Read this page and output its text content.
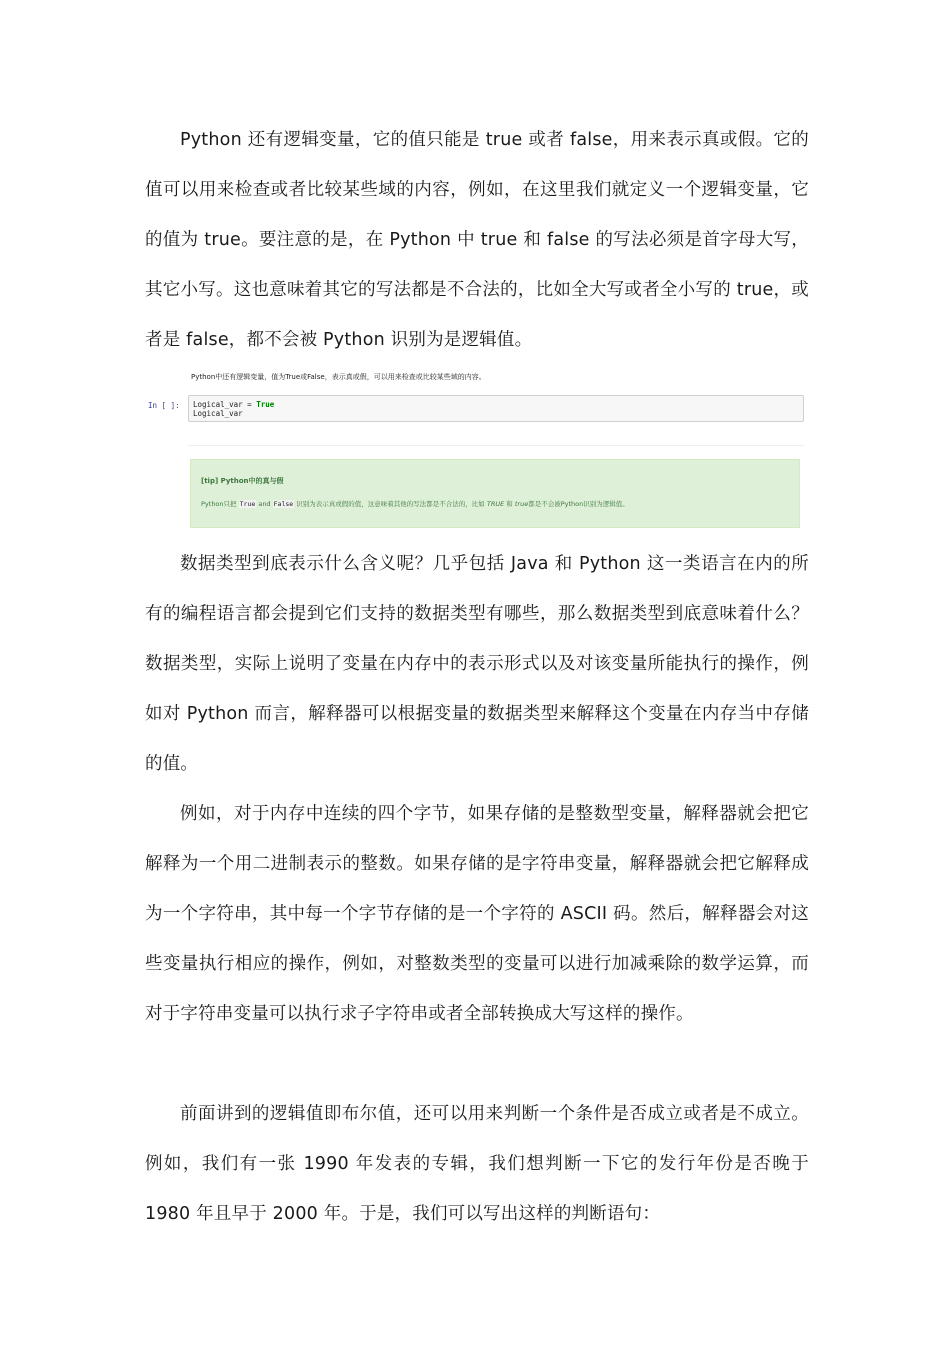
Python 还有逻辑变量，它的值只能是 true 或者 false，用来表示真或假。它的值可以用来检查或者比较某些域的内容，例如，在这里我们就定义一个逻辑变量，它的值为 true。要注意的是，在 Python 中 true 和 false 的写法必须是首字母大写，其它小写。这也意味着其它的写法都是不合法的，比如全大写或者全小写的 true，或者是 false，都不会被 Python 识别为是逻辑值。

Python中还有逻辑变量，值为True或False，表示真或假，可以用来检查或比较某些域的内容。
In [ ]: Logical_var = True
Logical_var
[tip] Python中的真与假
Python只把 True and False 识别为表示真或假的值，这意味着其他的写法都是不合法的，比如 TRUE 和 true都是不会被Python识别为逻辑值。

数据类型到底表示什么含义呢？几乎包括 Java 和 Python 这一类语言在内的所有的编程语言都会提到它们支持的数据类型有哪些，那么数据类型到底意味着什么？数据类型，实际上说明了变量在内存中的表示形式以及对该变量所能执行的操作，例如对 Python 而言，解释器可以根据变量的数据类型来解释这个变量在内存当中存储的值。

例如，对于内存中连续的四个字节，如果存储的是整数型变量，解释器就会把它解释为一个用二进制表示的整数。如果存储的是字符串变量，解释器就会把它解释成为一个字符串，其中每一个字节存储的是一个字符的 ASCII 码。然后，解释器会对这些变量执行相应的操作，例如，对整数类型的变量可以进行加减乘除的数学运算，而对于字符串变量可以执行求子字符串或者全部转换成大写这样的操作。

前面讲到的逻辑值即布尔值，还可以用来判断一个条件是否成立或者是不成立。例如，我们有一张 1990 年发表的专辑，我们想判断一下它的发行年份是否晚于 1980 年且早于 2000 年。于是，我们可以写出这样的判断语句：
